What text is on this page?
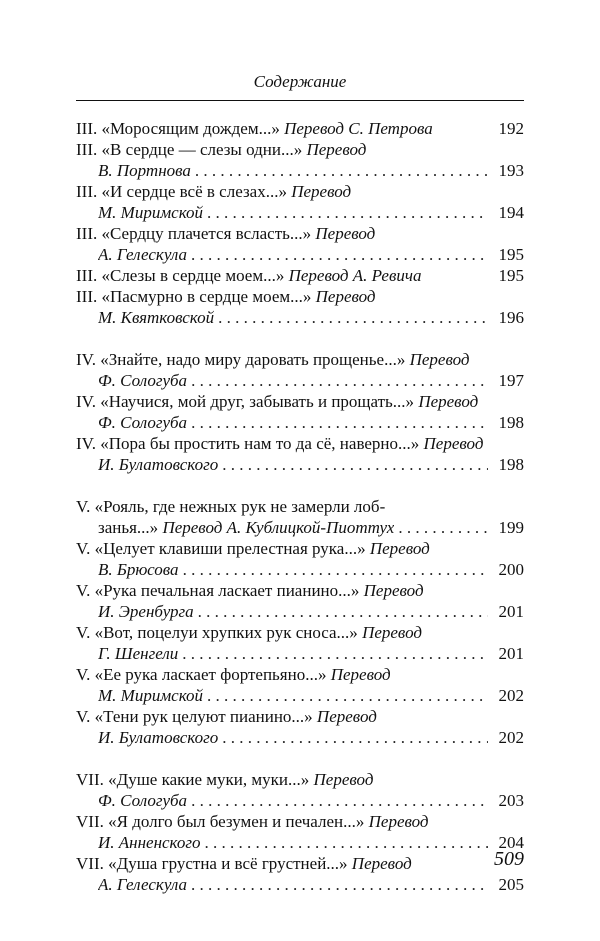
Содержание
III. «Моросящим дождем...» Перевод С. Петрова	192
III. «В сердце — слезы одни...» Перевод
В. Портнова . . .	193
III. «И сердце всё в слезах...» Перевод
М. Миримской . . .	194
III. «Сердцу плачется всласть...» Перевод
А. Гелескула . . .	195
III. «Слезы в сердце моем...» Перевод А. Ревича	195
III. «Пасмурно в сердце моем...» Перевод
М. Квятковской . . .	196
IV. «Знайте, надо миру даровать прощенье...» Перевод
Ф. Сологуба . . .	197
IV. «Научися, мой друг, забывать и прощать...» Перевод
Ф. Сологуба . . .	198
IV. «Пора бы простить нам то да сё, наверно...» Перевод
И. Булатовского . . .	198
V. «Рояль, где нежных рук не замерли лоб-
занья...» Перевод А. Кублицкой-Пиоттух . . .	199
V. «Целует клавиши прелестная рука...» Перевод
В. Брюсова . . .	200
V. «Рука печальная ласкает пианино...» Перевод
И. Эренбурга . . .	201
V. «Вот, поцелуи хрупких рук сноса...» Перевод
Г. Шенгели . . .	201
V. «Ее рука ласкает фортепьяно...» Перевод
М. Миримской . . .	202
V. «Тени рук целуют пианино...» Перевод
И. Булатовского . . .	202
VII. «Душе какие муки, муки...» Перевод
Ф. Сологуба . . .	203
VII. «Я долго был безумен и печален...» Перевод
И. Анненского . . .	204
VII. «Душа грустна и всё грустней...» Перевод
А. Гелескула . . .	205
509
